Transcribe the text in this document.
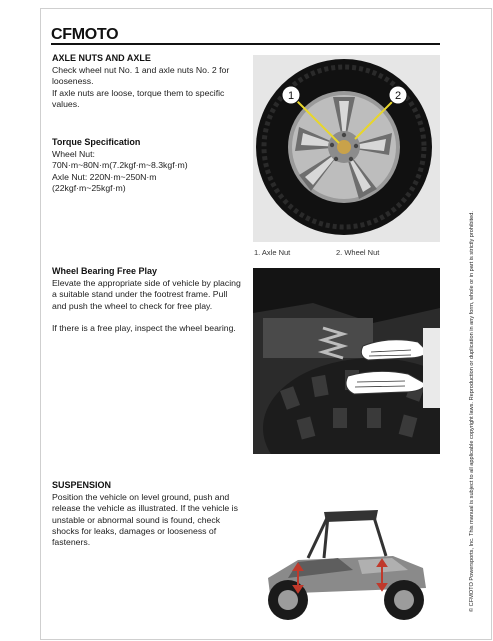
CFMOTO
AXLE NUTS AND AXLE

Check wheel nut No. 1 and axle nuts No. 2 for looseness.

If axle nuts are loose, torque them to specific values.

Torque Specification

Wheel Nut:

70N·m~80N·m(7.2kgf·m~8.3kgf·m)

Axle Nut: 220N·m~250N·m

(22kgf·m~25kgf·m)

1	2
1. Axle Nut	2. Wheel Nut
Wheel Bearing Free Play

Elevate the appropriate side of vehicle by placing a suitable stand under the footrest frame. Pull and push the wheel to check for free play.

If there is a free play, inspect the wheel bearing.

SUSPENSION

Position the vehicle on level ground, push and release the vehicle as illustrated. If the vehicle is unstable or abnormal sound is found, check shocks for leaks, damages or looseness of fasteners.	© CFMOTO Powersports, Inc. This manual is subject to all applicable copyright laws. Reproduction or duplication in any form, whole or in part is strictly prohibited.
